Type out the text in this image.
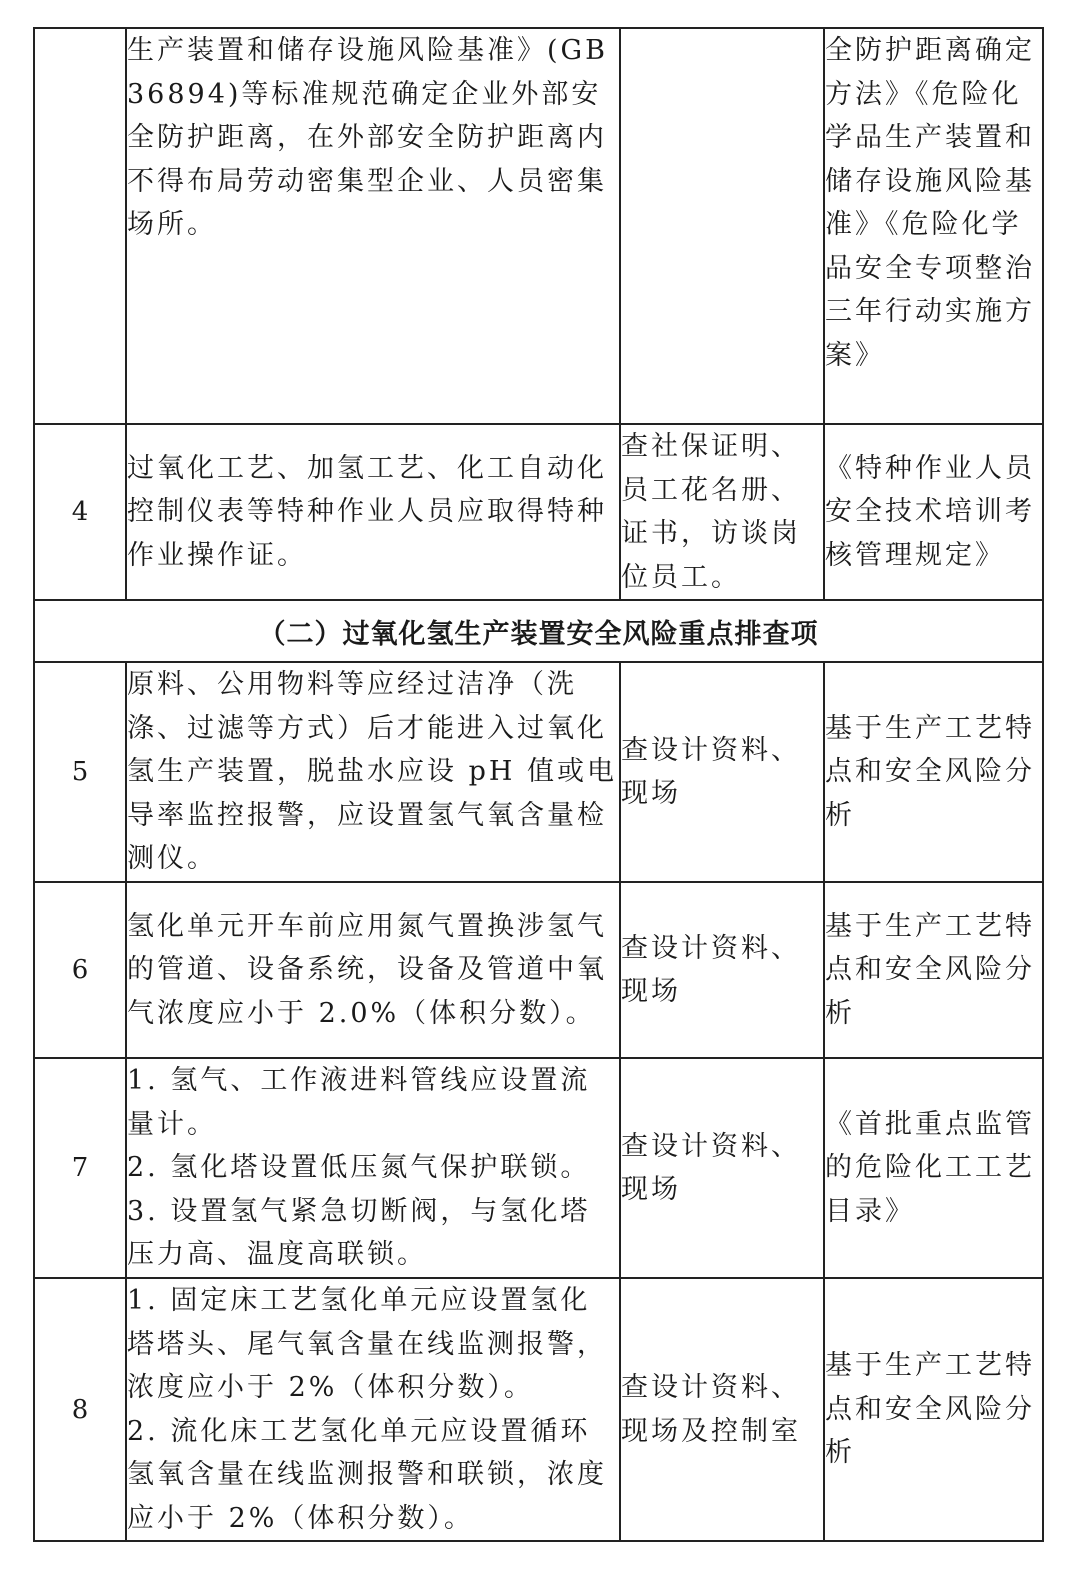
	生产装置和储存设施风险基准》(GB 36894)等标准规范确定企业外部安全防护距离，在外部安全防护距离内不得布局劳动密集型企业、人员密集场所。		全防护距离确定方法》《危险化学品生产装置和储存设施风险基准》《危险化学品安全专项整治三年行动实施方案》
4	过氧化工艺、加氢工艺、化工自动化控制仪表等特种作业人员应取得特种作业操作证。	查社保证明、员工花名册、证书，访谈岗位员工。	《特种作业人员安全技术培训考核管理规定》
（二）过氧化氢生产装置安全风险重点排查项			
5	原料、公用物料等应经过洁净（洗涤、过滤等方式）后才能进入过氧化氢生产装置，脱盐水应设 pH 值或电导率监控报警，应设置氢气氧含量检测仪。	查设计资料、现场	基于生产工艺特点和安全风险分析
6	氢化单元开车前应用氮气置换涉氢气的管道、设备系统，设备及管道中氧气浓度应小于 2.0%（体积分数）。	查设计资料、现场	基于生产工艺特点和安全风险分析
7	1. 氢气、工作液进料管线应设置流量计。
2. 氢化塔设置低压氮气保护联锁。
3. 设置氢气紧急切断阀，与氢化塔压力高、温度高联锁。	查设计资料、现场	《首批重点监管的危险化工工艺目录》
8	1. 固定床工艺氢化单元应设置氢化塔塔头、尾气氧含量在线监测报警，浓度应小于 2%（体积分数）。
2. 流化床工艺氢化单元应设置循环氢氧含量在线监测报警和联锁，浓度应小于 2%（体积分数）。	查设计资料、现场及控制室	基于生产工艺特点和安全风险分析
